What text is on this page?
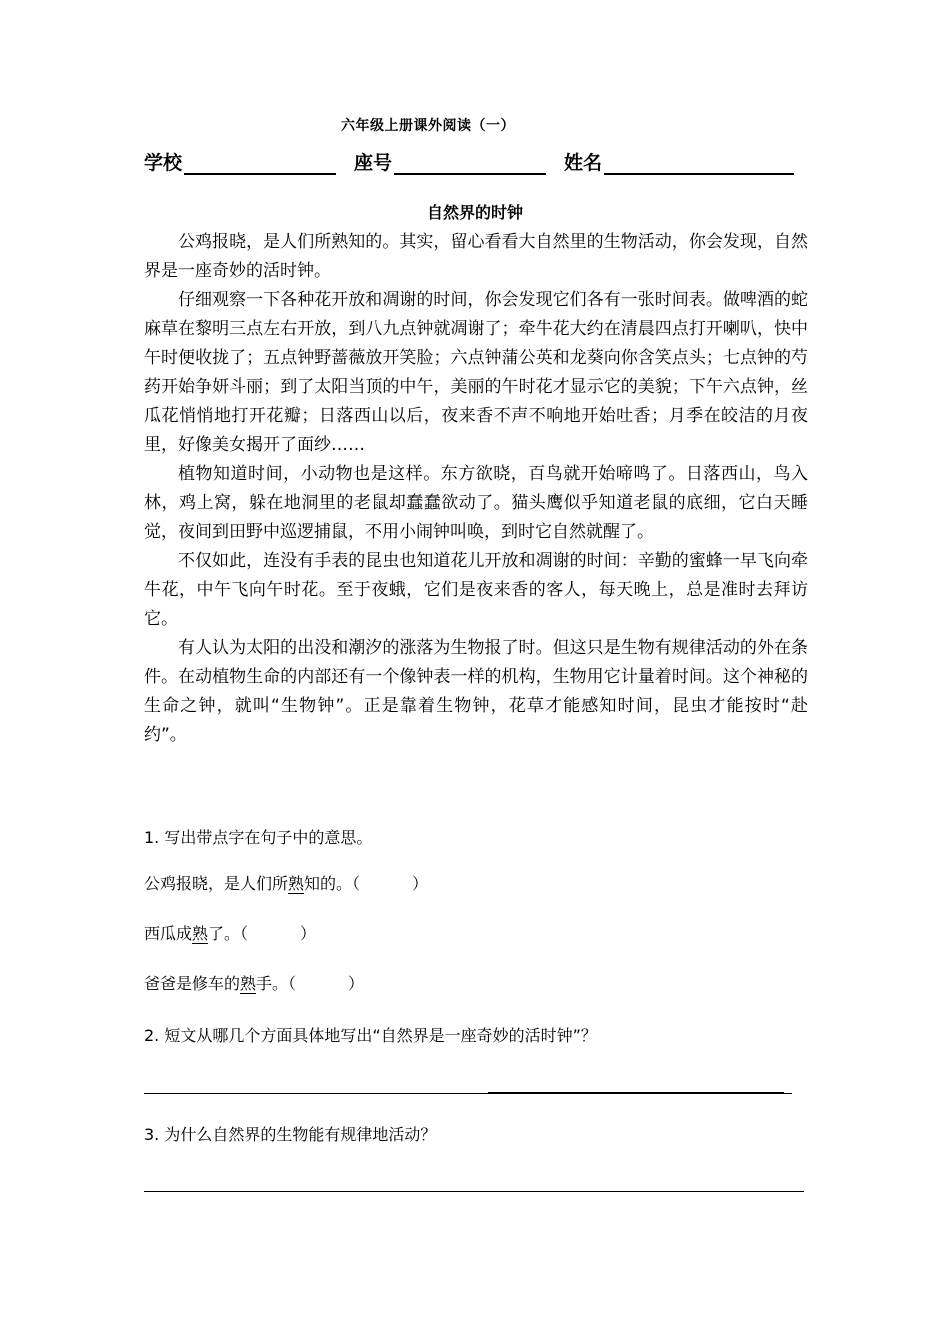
六年级上册课外阅读（一）
学校	座号	姓名
自然界的时钟

公鸡报晓，是人们所熟知的。其实，留心看看大自然里的生物活动，你会发现，自然界是一座奇妙的活时钟。

仔细观察一下各种花开放和凋谢的时间，你会发现它们各有一张时间表。做啤酒的蛇麻草在黎明三点左右开放，到八九点钟就凋谢了；牵牛花大约在清晨四点打开喇叭，快中午时便收拢了；五点钟野蔷薇放开笑脸；六点钟蒲公英和龙葵向你含笑点头；七点钟的芍药开始争妍斗丽；到了太阳当顶的中午，美丽的午时花才显示它的美貌；下午六点钟，丝瓜花悄悄地打开花瓣；日落西山以后，夜来香不声不响地开始吐香；月季在皎洁的月夜里，好像美女揭开了面纱……

植物知道时间，小动物也是这样。东方欲晓，百鸟就开始啼鸣了。日落西山，鸟入林，鸡上窝，躲在地洞里的老鼠却蠢蠢欲动了。猫头鹰似乎知道老鼠的底细，它白天睡觉，夜间到田野中巡逻捕鼠，不用小闹钟叫唤，到时它自然就醒了。

不仅如此，连没有手表的昆虫也知道花儿开放和凋谢的时间：辛勤的蜜蜂一早飞向牵牛花，中午飞向午时花。至于夜蛾，它们是夜来香的客人，每天晚上，总是准时去拜访它。

有人认为太阳的出没和潮汐的涨落为生物报了时。但这只是生物有规律活动的外在条件。在动植物生命的内部还有一个像钟表一样的机构，生物用它计量着时间。这个神秘的生命之钟，就叫“生物钟”。正是靠着生物钟，花草才能感知时间，昆虫才能按时“赴约”。

1. 写出带点字在句子中的意思。
公鸡报晓，是人们所熟知的。（	）
西瓜成熟了。（	）
爸爸是修车的熟手。（	）
2. 短文从哪几个方面具体地写出“自然界是一座奇妙的活时钟”？
3. 为什么自然界的生物能有规律地活动？
